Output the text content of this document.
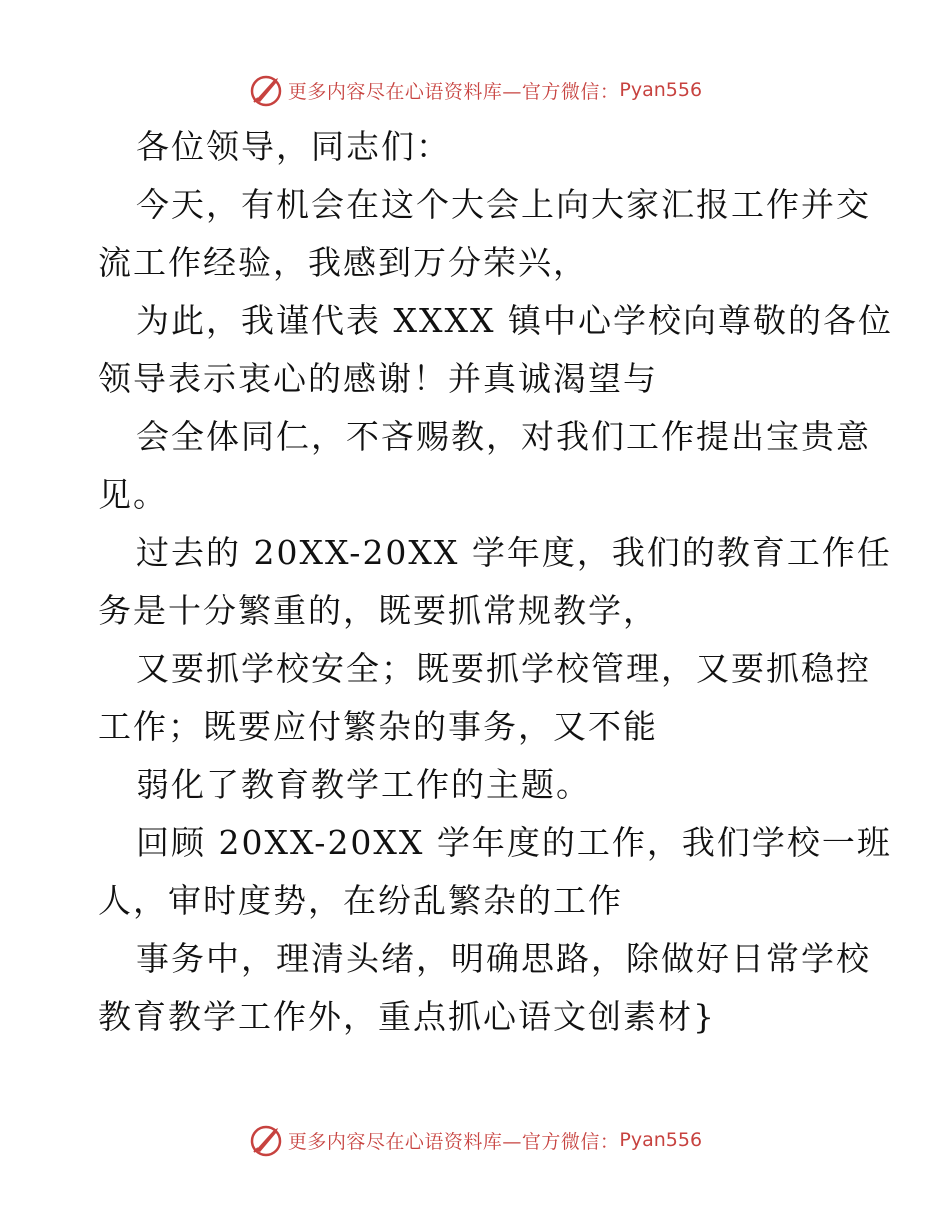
更多内容尽在心语资料库—官方微信： Pyan556
各位领导，同志们：
今天，有机会在这个大会上向大家汇报工作并交
流工作经验，我感到万分荣兴，
为此，我谨代表 XXXX 镇中心学校向尊敬的各位
领导表示衷心的感谢！并真诚渴望与
会全体同仁，不吝赐教，对我们工作提出宝贵意
见。
过去的 20XX-20XX 学年度，我们的教育工作任
务是十分繁重的，既要抓常规教学，
又要抓学校安全；既要抓学校管理，又要抓稳控
工作；既要应付繁杂的事务，又不能
弱化了教育教学工作的主题。
回顾 20XX-20XX 学年度的工作，我们学校一班
人，审时度势，在纷乱繁杂的工作
事务中，理清头绪，明确思路，除做好日常学校
教育教学工作外，重点抓心语文创素材}
更多内容尽在心语资料库—官方微信： Pyan556
